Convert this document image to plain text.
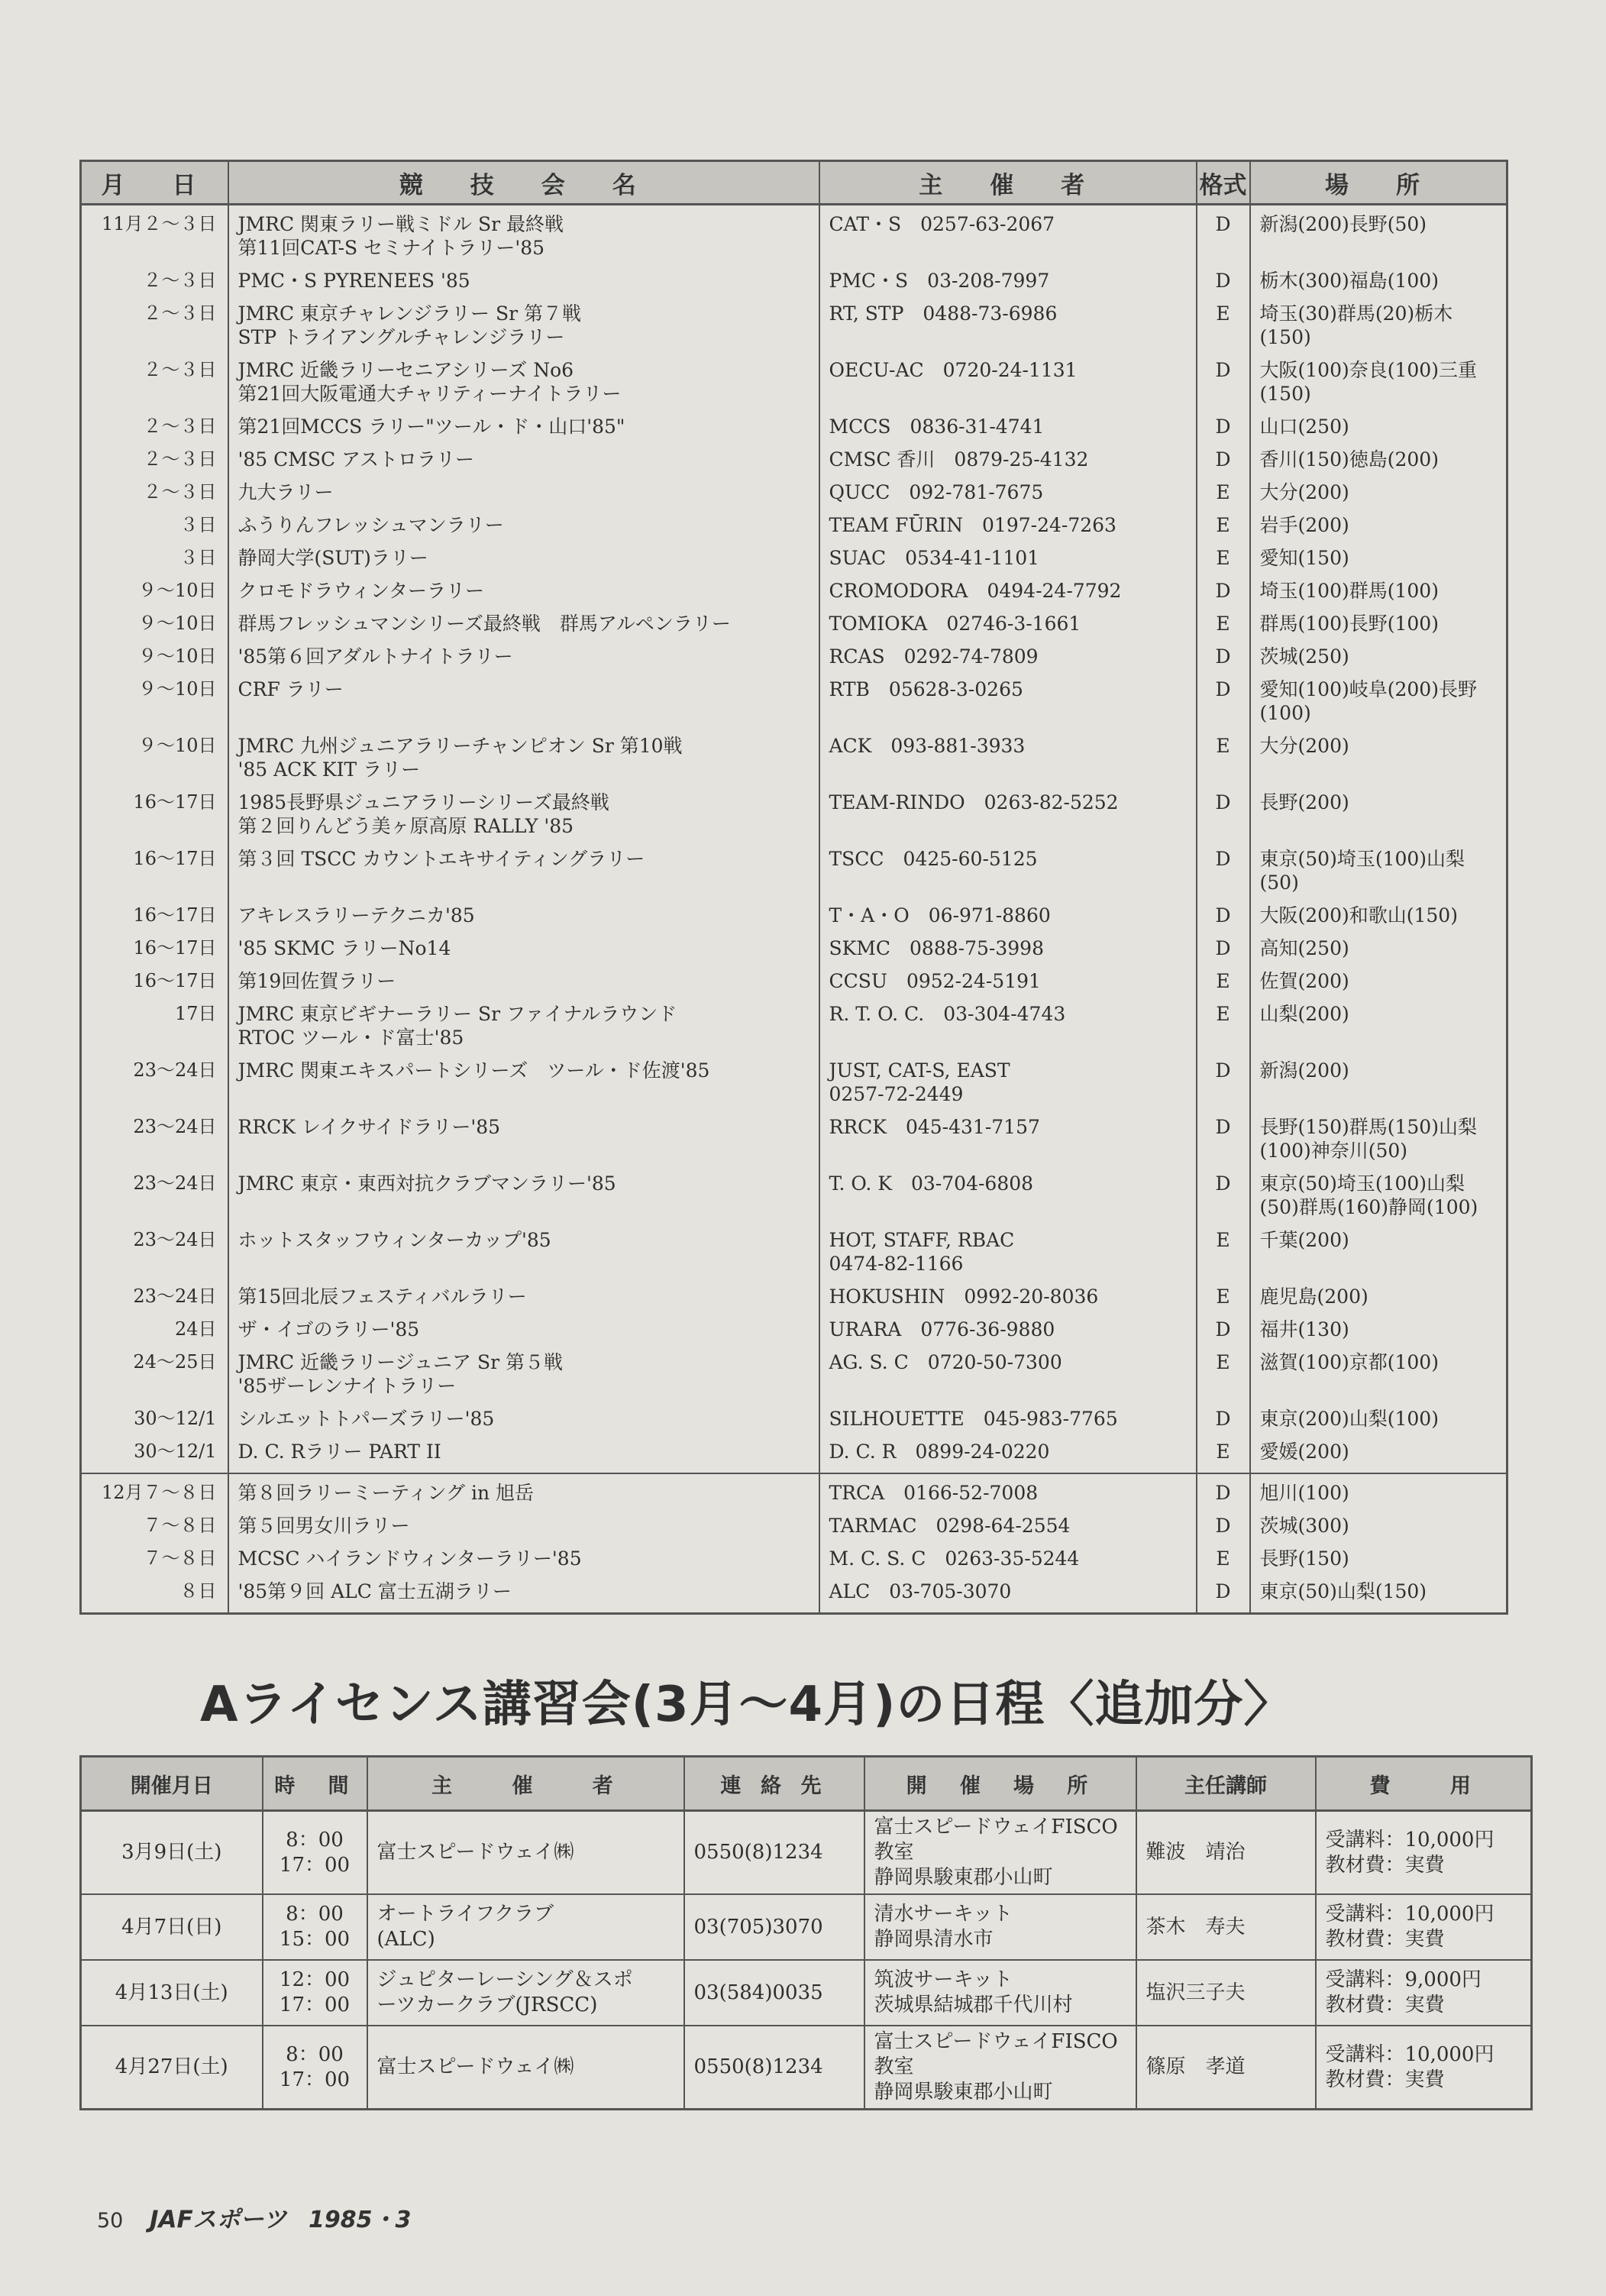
月　日	競　技　会　名	主　催　者	格式	場　所
11月２～３日	JMRC 関東ラリー戦ミドル Sr 最終戦
第11回CAT-S セミナイトラリー'85	CAT・S　0257-63-2067	D	新潟(200)長野(50)
２～３日	PMC・S PYRENEES '85	PMC・S　03-208-7997	D	栃木(300)福島(100)
２～３日	JMRC 東京チャレンジラリー Sr 第７戦
STP トライアングルチャレンジラリー	RT, STP　0488-73-6986	E	埼玉(30)群馬(20)栃木
(150)
２～３日	JMRC 近畿ラリーセニアシリーズ No6
第21回大阪電通大チャリティーナイトラリー	OECU-AC　0720-24-1131	D	大阪(100)奈良(100)三重
(150)
２～３日	第21回MCCS ラリー"ツール・ド・山口'85"	MCCS　0836-31-4741	D	山口(250)
２～３日	'85 CMSC アストロラリー	CMSC 香川　0879-25-4132	D	香川(150)徳島(200)
２～３日	九大ラリー	QUCC　092-781-7675	E	大分(200)
３日	ふうりんフレッシュマンラリー	TEAM FŪRIN　0197-24-7263	E	岩手(200)
３日	静岡大学(SUT)ラリー	SUAC　0534-41-1101	E	愛知(150)
９～10日	クロモドラウィンターラリー	CROMODORA　0494-24-7792	D	埼玉(100)群馬(100)
９～10日	群馬フレッシュマンシリーズ最終戦　群馬アルペンラリー	TOMIOKA　02746-3-1661	E	群馬(100)長野(100)
９～10日	'85第６回アダルトナイトラリー	RCAS　0292-74-7809	D	茨城(250)
９～10日	CRF ラリー	RTB　05628-3-0265	D	愛知(100)岐阜(200)長野
(100)
９～10日	JMRC 九州ジュニアラリーチャンピオン Sr 第10戦
'85 ACK KIT ラリー	ACK　093-881-3933	E	大分(200)
16～17日	1985長野県ジュニアラリーシリーズ最終戦
第２回りんどう美ヶ原高原 RALLY '85	TEAM-RINDO　0263-82-5252	D	長野(200)
16～17日	第３回 TSCC カウントエキサイティングラリー	TSCC　0425-60-5125	D	東京(50)埼玉(100)山梨
(50)
16～17日	アキレスラリーテクニカ'85	T・A・O　06-971-8860	D	大阪(200)和歌山(150)
16～17日	'85 SKMC ラリーNo14	SKMC　0888-75-3998	D	高知(250)
16～17日	第19回佐賀ラリー	CCSU　0952-24-5191	E	佐賀(200)
17日	JMRC 東京ビギナーラリー Sr ファイナルラウンド
RTOC ツール・ド富士'85	R. T. O. C.　03-304-4743	E	山梨(200)
23～24日	JMRC 関東エキスパートシリーズ　ツール・ド佐渡'85	JUST, CAT-S, EAST
0257-72-2449	D	新潟(200)
23～24日	RRCK レイクサイドラリー'85	RRCK　045-431-7157	D	長野(150)群馬(150)山梨
(100)神奈川(50)
23～24日	JMRC 東京・東西対抗クラブマンラリー'85	T. O. K　03-704-6808	D	東京(50)埼玉(100)山梨
(50)群馬(160)静岡(100)
23～24日	ホットスタッフウィンターカップ'85	HOT, STAFF, RBAC
0474-82-1166	E	千葉(200)
23～24日	第15回北辰フェスティバルラリー	HOKUSHIN　0992-20-8036	E	鹿児島(200)
24日	ザ・イゴのラリー'85	URARA　0776-36-9880	D	福井(130)
24～25日	JMRC 近畿ラリージュニア Sr 第５戦
'85ザーレンナイトラリー	AG. S. C　0720-50-7300	E	滋賀(100)京都(100)
30～12/1	シルエットトパーズラリー'85	SILHOUETTE　045-983-7765	D	東京(200)山梨(100)
30～12/1	D. C. Rラリー PART II	D. C. R　0899-24-0220	E	愛媛(200)
12月７～８日	第８回ラリーミーティング in 旭岳	TRCA　0166-52-7008	D	旭川(100)
７～８日	第５回男女川ラリー	TARMAC　0298-64-2554	D	茨城(300)
７～８日	MCSC ハイランドウィンターラリー'85	M. C. S. C　0263-35-5244	E	長野(150)
８日	'85第９回 ALC 富士五湖ラリー	ALC　03-705-3070	D	東京(50)山梨(150)
Aライセンス講習会(3月～4月)の日程〈追加分〉
開催月日	時　間	主　　催　　者	連 絡 先	開　催　場　所	主任講師	費　　用
3月9日(土)	8：00
17：00	富士スピードウェイ㈱	0550(8)1234	富士スピードウェイFISCO教室
静岡県駿東郡小山町	難波　靖治	受講料：10,000円
教材費：実費
4月7日(日)	8：00
15：00	オートライフクラブ
(ALC)	03(705)3070	清水サーキット
静岡県清水市	茶木　寿夫	受講料：10,000円
教材費：実費
4月13日(土)	12：00
17：00	ジュピターレーシング＆スポ
ーツカークラブ(JRSCC)	03(584)0035	筑波サーキット
茨城県結城郡千代川村	塩沢三子夫	受講料：9,000円
教材費：実費
4月27日(土)	8：00
17：00	富士スピードウェイ㈱	0550(8)1234	富士スピードウェイFISCO教室
静岡県駿東郡小山町	篠原　孝道	受講料：10,000円
教材費：実費
50 JAFスポーツ 1985・3
